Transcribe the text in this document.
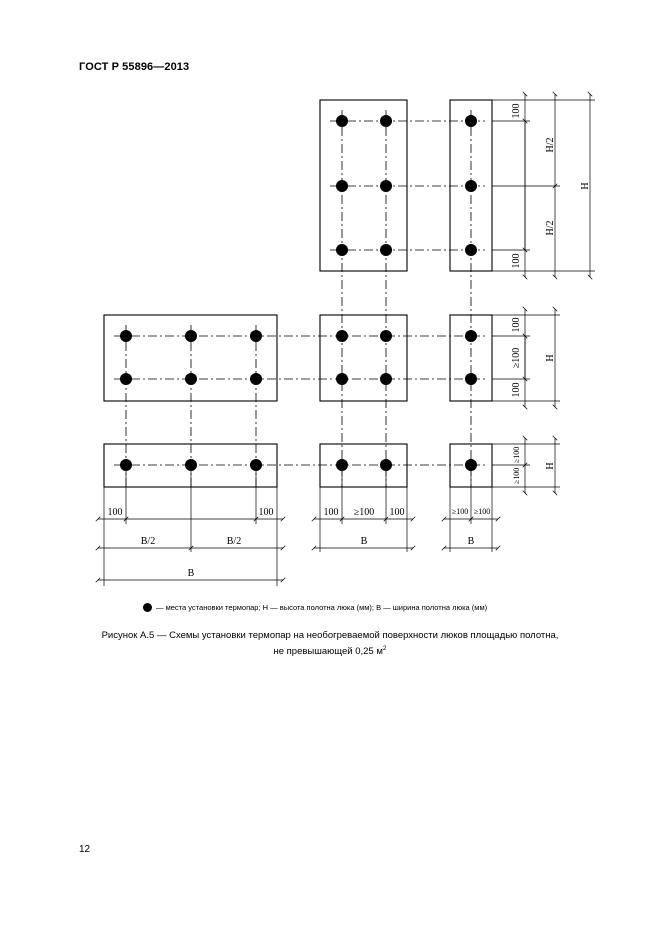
ГОСТ Р 55896—2013
100
100
H/2
H/2
H
100
≥100
100
H
≥100
≥100
H
100	100
B/2	B/2
B
100 ≥100 100
B
≥100 ≥100
B
— места установки термопар; Н — высота полотна люка (мм); В — ширина полотна люка (мм)
Рисунок А.5 — Схемы установки термопар на необогреваемой поверхности люков площадью полотна,
не превышающей 0,25 $м^2$
12
